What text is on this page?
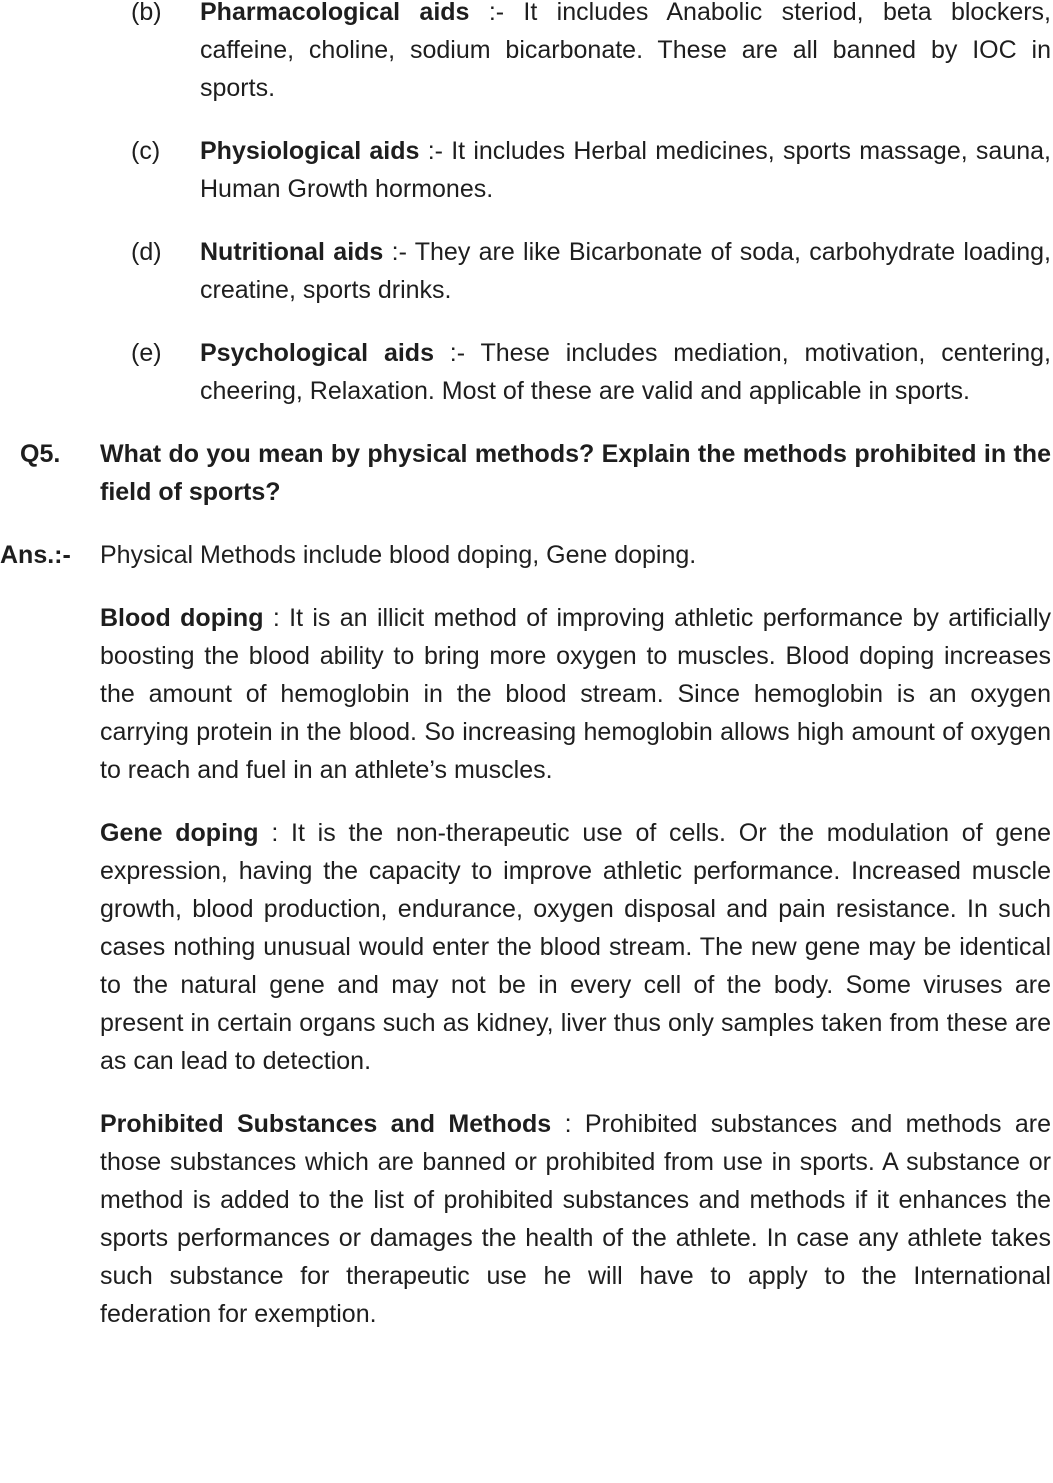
(b) Pharmacological aids :- It includes Anabolic steriod, beta blockers, caffeine, choline, sodium bicarbonate. These are all banned by IOC in sports.
(c) Physiological aids :- It includes Herbal medicines, sports massage, sauna, Human Growth hormones.
(d) Nutritional aids :- They are like Bicarbonate of soda, carbohydrate loading, creatine, sports drinks.
(e) Psychological aids :- These includes mediation, motivation, centering, cheering, Relaxation. Most of these are valid and applicable in sports.
Q5. What do you mean by physical methods? Explain the methods prohibited in the field of sports?
Ans.:- Physical Methods include blood doping, Gene doping.
Blood doping : It is an illicit method of improving athletic performance by artificially boosting the blood ability to bring more oxygen to muscles. Blood doping increases the amount of hemoglobin in the blood stream. Since hemoglobin is an oxygen carrying protein in the blood. So increasing hemoglobin allows high amount of oxygen to reach and fuel in an athlete’s muscles.
Gene doping : It is the non-therapeutic use of cells. Or the modulation of gene expression, having the capacity to improve athletic performance. Increased muscle growth, blood production, endurance, oxygen disposal and pain resistance. In such cases nothing unusual would enter the blood stream. The new gene may be identical to the natural gene and may not be in every cell of the body. Some viruses are present in certain organs such as kidney, liver thus only samples taken from these are as can lead to detection.
Prohibited Substances and Methods : Prohibited substances and methods are those substances which are banned or prohibited from use in sports. A substance or method is added to the list of prohibited substances and methods if it enhances the sports performances or damages the health of the athlete. In case any athlete takes such substance for therapeutic use he will have to apply to the International federation for exemption.
